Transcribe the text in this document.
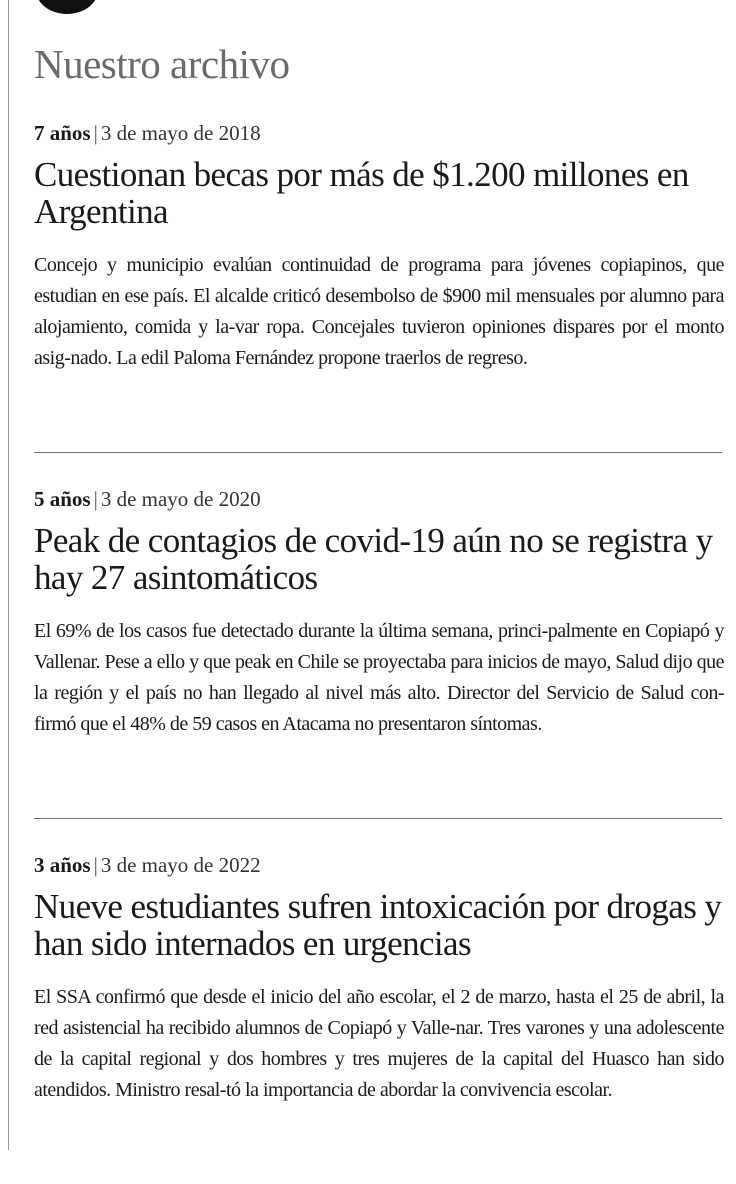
Nuestro archivo
7 años | 3 de mayo de 2018
Cuestionan becas por más de $1.200 millones en Argentina

Concejo y municipio evalúan continuidad de programa para jóvenes copiapinos, que estudian en ese país. El alcalde criticó desembolso de $900 mil mensuales por alumno para alojamiento, comida y la-var ropa. Concejales tuvieron opiniones dispares por el monto asig-nado. La edil Paloma Fernández propone traerlos de regreso.

5 años | 3 de mayo de 2020
Peak de contagios de covid-19 aún no se registra y hay 27 asintomáticos

El 69% de los casos fue detectado durante la última semana, princi-palmente en Copiapó y Vallenar. Pese a ello y que peak en Chile se proyectaba para inicios de mayo, Salud dijo que la región y el país no han llegado al nivel más alto. Director del Servicio de Salud con-firmó que el 48% de 59 casos en Atacama no presentaron síntomas.

3 años | 3 de mayo de 2022
Nueve estudiantes sufren intoxicación por drogas y han sido internados en urgencias

El SSA confirmó que desde el inicio del año escolar, el 2 de marzo, hasta el 25 de abril, la red asistencial ha recibido alumnos de Copiapó y Valle-nar. Tres varones y una adolescente de la capital regional y dos hombres y tres mujeres de la capital del Huasco han sido atendidos. Ministro resal-tó la importancia de abordar la convivencia escolar.
